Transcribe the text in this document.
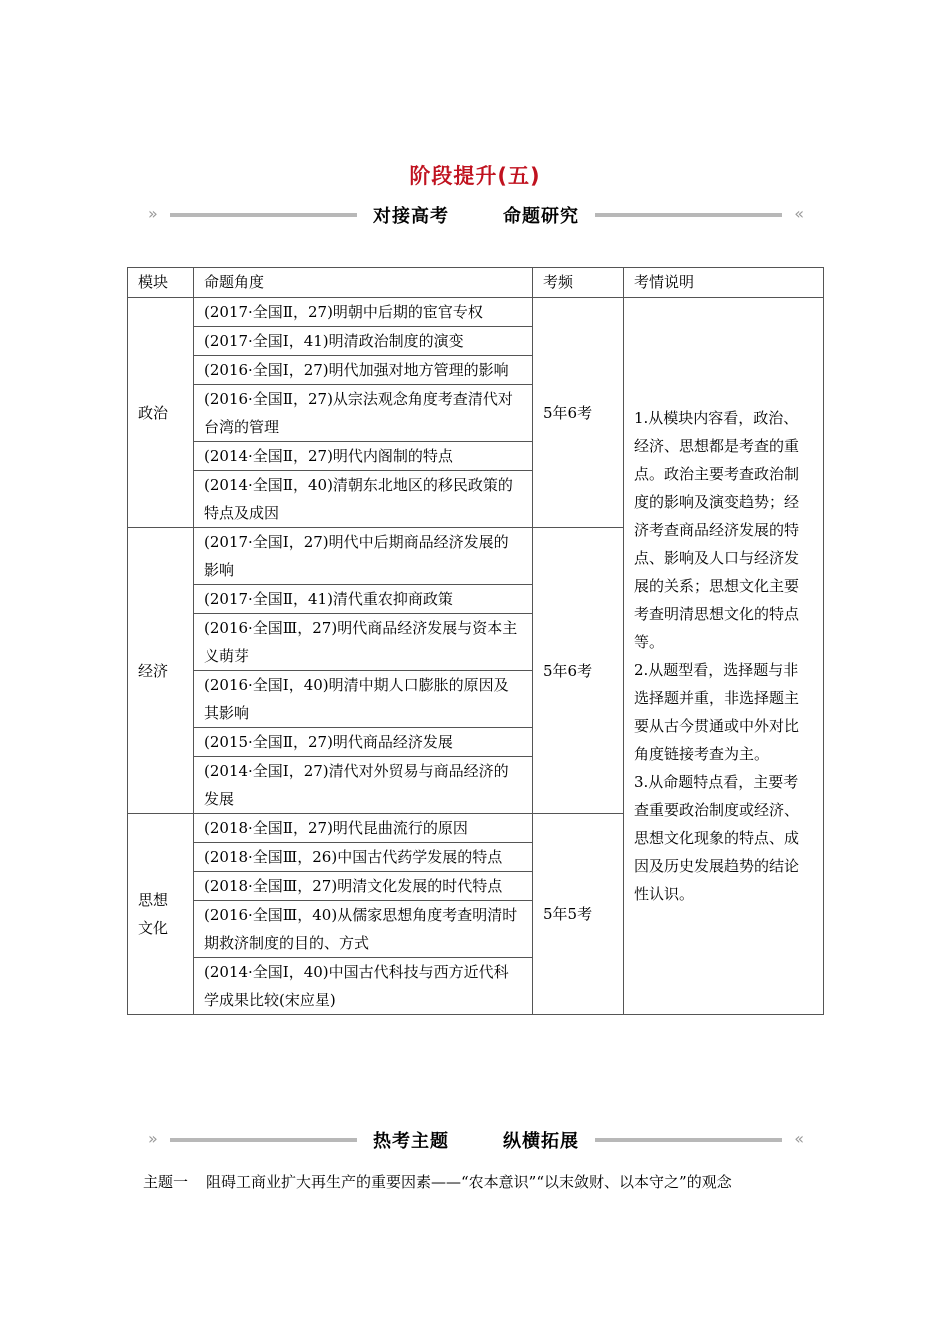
阶段提升(五)
»	«
对接高考	命题研究
模块	命题角度	考频	考情说明
政治	(2017·全国Ⅱ，27)明朝中后期的宦官专权	5年6考	1.从模块内容看，政治、经济、思想都是考查的重点。政治主要考查政治制度的影响及演变趋势；经济考查商品经济发展的特点、影响及人口与经济发展的关系；思想文化主要考查明清思想文化的特点等。
2.从题型看，选择题与非选择题并重，非选择题主要从古今贯通或中外对比角度链接考查为主。
3.从命题特点看，主要考查重要政治制度或经济、思想文化现象的特点、成因及历史发展趋势的结论性认识。

	(2017·全国Ⅰ，41)明清政治制度的演变		
	(2016·全国Ⅰ，27)明代加强对地方管理的影响		
	(2016·全国Ⅱ，27)从宗法观念角度考查清代对台湾的管理		
	(2014·全国Ⅱ，27)明代内阁制的特点		
	(2014·全国Ⅱ，40)清朝东北地区的移民政策的特点及成因		
经济	(2017·全国Ⅰ，27)明代中后期商品经济发展的影响	5年6考	
	(2017·全国Ⅱ，41)清代重农抑商政策		
	(2016·全国Ⅲ，27)明代商品经济发展与资本主义萌芽		
	(2016·全国Ⅰ，40)明清中期人口膨胀的原因及其影响		
	(2015·全国Ⅱ，27)明代商品经济发展		
	(2014·全国Ⅰ，27)清代对外贸易与商品经济的发展		
思想
文化	(2018·全国Ⅱ，27)明代昆曲流行的原因	5年5考	
	(2018·全国Ⅲ，26)中国古代药学发展的特点		
	(2018·全国Ⅲ，27)明清文化发展的时代特点		
	(2016·全国Ⅲ，40)从儒家思想角度考查明清时期救济制度的目的、方式		
	(2014·全国Ⅰ，40)中国古代科技与西方近代科学成果比较(宋应星)		
»	«
热考主题	纵横拓展
主题一 阻碍工商业扩大再生产的重要因素——“农本意识”“以末敛财、以本守之”的观念
